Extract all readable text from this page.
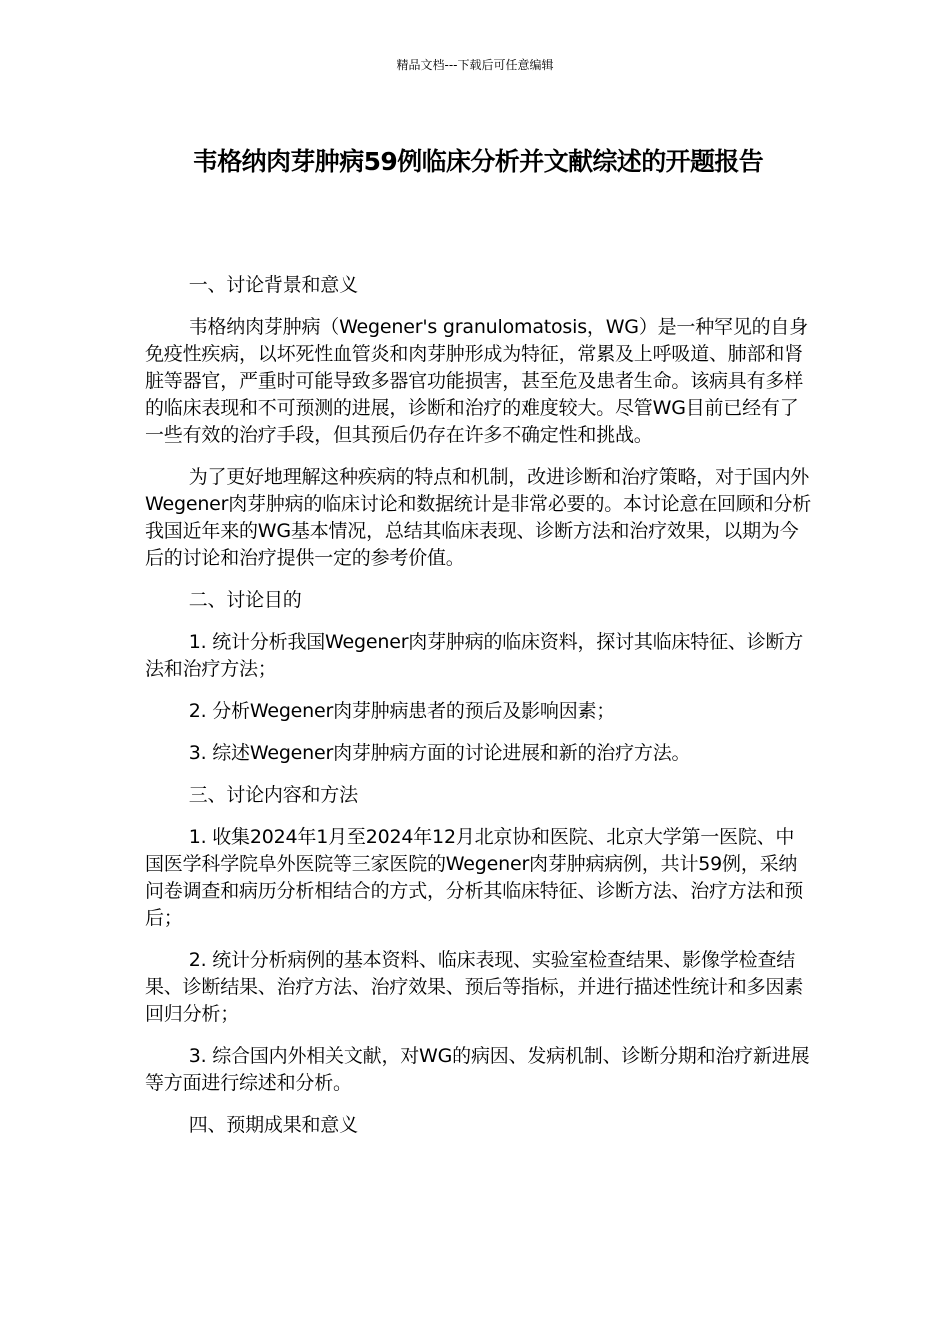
精品文档---下载后可任意编辑
韦格纳肉芽肿病59例临床分析并文献综述的开题报告

一、讨论背景和意义

韦格纳肉芽肿病（Wegener's granulomatosis，WG）是一种罕见的自身免疫性疾病，以坏死性血管炎和肉芽肿形成为特征，常累及上呼吸道、肺部和肾脏等器官，严重时可能导致多器官功能损害，甚至危及患者生命。该病具有多样的临床表现和不可预测的进展，诊断和治疗的难度较大。尽管WG目前已经有了一些有效的治疗手段，但其预后仍存在许多不确定性和挑战。

为了更好地理解这种疾病的特点和机制，改进诊断和治疗策略，对于国内外Wegener肉芽肿病的临床讨论和数据统计是非常必要的。本讨论意在回顾和分析我国近年来的WG基本情况，总结其临床表现、诊断方法和治疗效果，以期为今后的讨论和治疗提供一定的参考价值。

二、讨论目的

1. 统计分析我国Wegener肉芽肿病的临床资料，探讨其临床特征、诊断方法和治疗方法；

2. 分析Wegener肉芽肿病患者的预后及影响因素；

3. 综述Wegener肉芽肿病方面的讨论进展和新的治疗方法。

三、讨论内容和方法

1. 收集2024年1月至2024年12月北京协和医院、北京大学第一医院、中国医学科学院阜外医院等三家医院的Wegener肉芽肿病病例，共计59例，采纳问卷调查和病历分析相结合的方式，分析其临床特征、诊断方法、治疗方法和预后；

2. 统计分析病例的基本资料、临床表现、实验室检查结果、影像学检查结果、诊断结果、治疗方法、治疗效果、预后等指标，并进行描述性统计和多因素回归分析；

3. 综合国内外相关文献，对WG的病因、发病机制、诊断分期和治疗新进展等方面进行综述和分析。

四、预期成果和意义
